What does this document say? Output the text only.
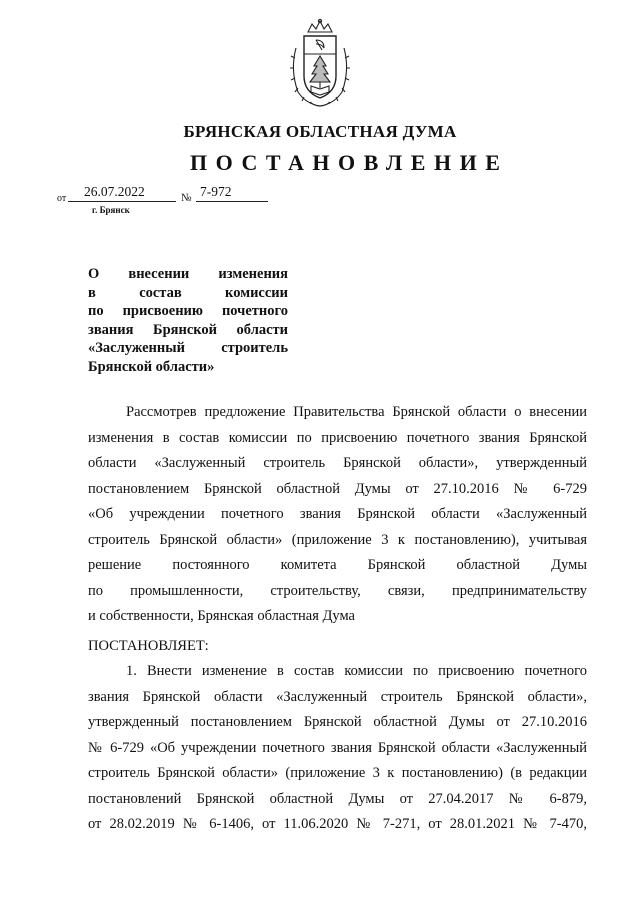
БРЯНСКАЯ ОБЛАСТНАЯ ДУМА
ПОСТАНОВЛЕНИЕ
от 26.07.2022	№ 7-972
г. Брянск
О внесении изменения
в состав комиссии
по присвоению почетного
звания Брянской области
«Заслуженный строитель
Брянской области»
Рассмотрев предложение Правительства Брянской области о внесении
изменения в состав комиссии по присвоению почетного звания Брянской
области «Заслуженный строитель Брянской области», утвержденный
постановлением Брянской областной Думы от 27.10.2016 № 6-729
«Об учреждении почетного звания Брянской области «Заслуженный
строитель Брянской области» (приложение 3 к постановлению), учитывая
решение постоянного комитета Брянской областной Думы
по промышленности, строительству, связи, предпринимательству
и собственности, Брянская областная Дума
ПОСТАНОВЛЯЕТ:
1. Внести изменение в состав комиссии по присвоению почетного
звания Брянской области «Заслуженный строитель Брянской области»,
утвержденный постановлением Брянской областной Думы от 27.10.2016
№ 6-729 «Об учреждении почетного звания Брянской области «Заслуженный
строитель Брянской области» (приложение 3 к постановлению) (в редакции
постановлений Брянской областной Думы от 27.04.2017 № 6-879,
от 28.02.2019 № 6-1406, от 11.06.2020 № 7-271, от 28.01.2021 № 7-470,
